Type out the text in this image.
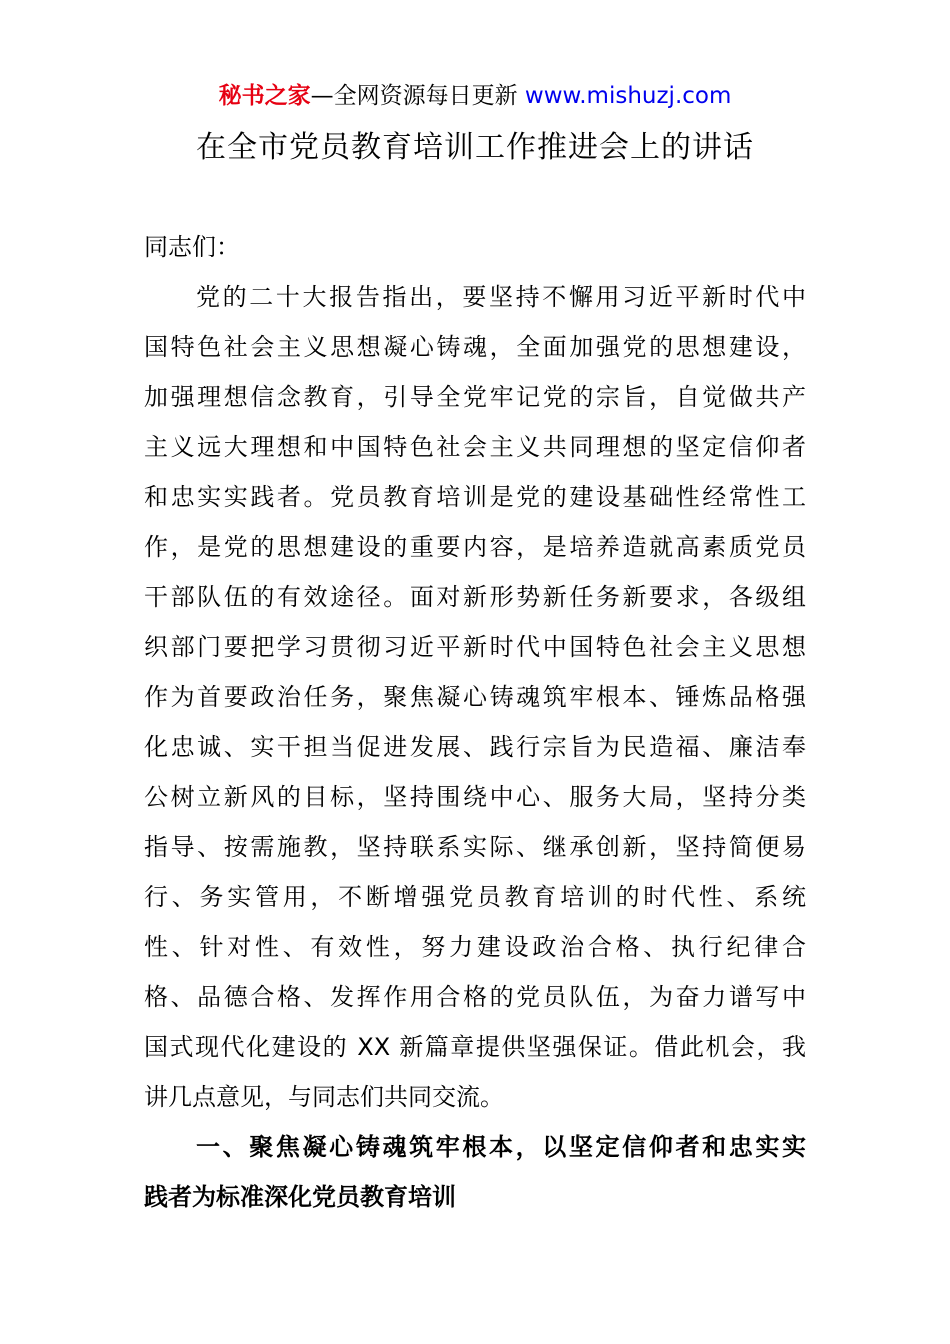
秘书之家—全网资源每日更新 www.mishuzj.com
在全市党员教育培训工作推进会上的讲话
同志们：
党的二十大报告指出，要坚持不懈用习近平新时代中
国特色社会主义思想凝心铸魂，全面加强党的思想建设，
加强理想信念教育，引导全党牢记党的宗旨，自觉做共产
主义远大理想和中国特色社会主义共同理想的坚定信仰者
和忠实实践者。党员教育培训是党的建设基础性经常性工
作，是党的思想建设的重要内容，是培养造就高素质党员
干部队伍的有效途径。面对新形势新任务新要求，各级组
织部门要把学习贯彻习近平新时代中国特色社会主义思想
作为首要政治任务，聚焦凝心铸魂筑牢根本、锤炼品格强
化忠诚、实干担当促进发展、践行宗旨为民造福、廉洁奉
公树立新风的目标，坚持围绕中心、服务大局，坚持分类
指导、按需施教，坚持联系实际、继承创新，坚持简便易
行、务实管用，不断增强党员教育培训的时代性、系统
性、针对性、有效性，努力建设政治合格、执行纪律合
格、品德合格、发挥作用合格的党员队伍，为奋力谱写中
国式现代化建设的 XX 新篇章提供坚强保证。借此机会，我
讲几点意见，与同志们共同交流。
一、聚焦凝心铸魂筑牢根本，以坚定信仰者和忠实实
践者为标准深化党员教育培训
